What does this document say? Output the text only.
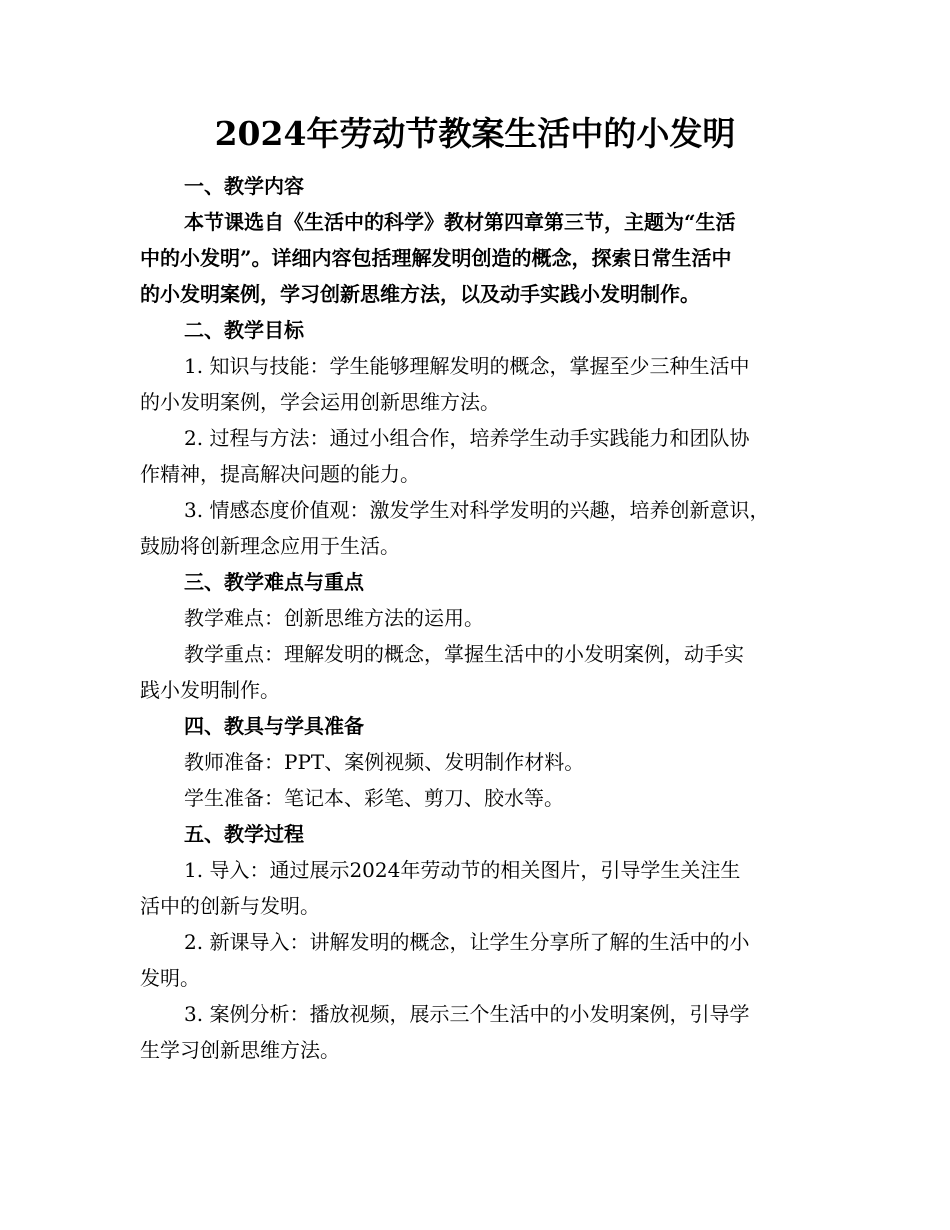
2024年劳动节教案生活中的小发明

一、教学内容

本节课选自《生活中的科学》教材第四章第三节，主题为“生活

中的小发明”。详细内容包括理解发明创造的概念，探索日常生活中

的小发明案例，学习创新思维方法，以及动手实践小发明制作。

二、教学目标

1. 知识与技能：学生能够理解发明的概念，掌握至少三种生活中

的小发明案例，学会运用创新思维方法。

2. 过程与方法：通过小组合作，培养学生动手实践能力和团队协

作精神，提高解决问题的能力。

3. 情感态度价值观：激发学生对科学发明的兴趣，培养创新意识，

鼓励将创新理念应用于生活。

三、教学难点与重点

教学难点：创新思维方法的运用。

教学重点：理解发明的概念，掌握生活中的小发明案例，动手实

践小发明制作。

四、教具与学具准备

教师准备：PPT、案例视频、发明制作材料。

学生准备：笔记本、彩笔、剪刀、胶水等。

五、教学过程

1. 导入：通过展示2024年劳动节的相关图片，引导学生关注生

活中的创新与发明。

2. 新课导入：讲解发明的概念，让学生分享所了解的生活中的小

发明。

3. 案例分析：播放视频，展示三个生活中的小发明案例，引导学

生学习创新思维方法。
